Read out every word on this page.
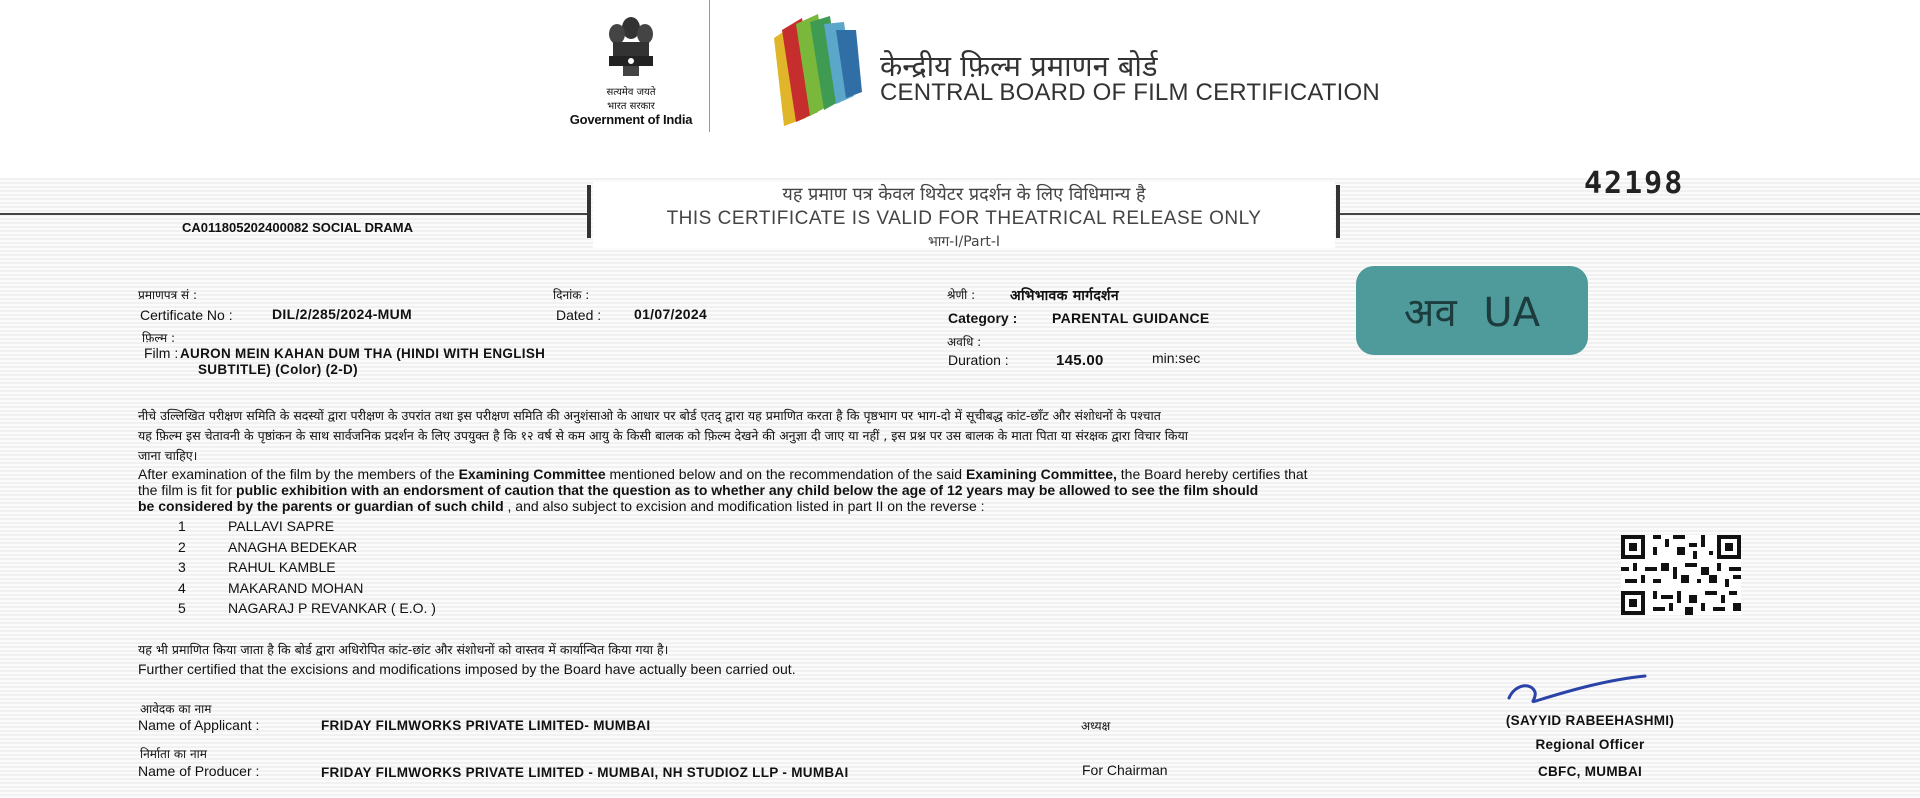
सत्यमेव जयते
भारत सरकार
Government of India
केन्द्रीय फ़िल्म प्रमाणन बोर्ड
CENTRAL BOARD OF FILM CERTIFICATION
42198
यह प्रमाण पत्र केवल थियेटर प्रदर्शन के लिए विधिमान्य है
THIS CERTIFICATE IS VALID FOR THEATRICAL RELEASE ONLY
भाग-I/Part-I
CA011805202400082 SOCIAL DRAMA
प्रमाणपत्र सं :
Certificate No :	DIL/2/285/2024-MUM
दिनांक :
Dated : 01/07/2024
फ़िल्म :
Film : AURON MEIN KAHAN DUM THA (HINDI WITH ENGLISH
SUBTITLE) (Color) (2-D)
श्रेणी : अभिभावक मार्गदर्शन
Category : PARENTAL GUIDANCE
अवधि :
Duration :	145.00	min:sec
अव UA
नीचे उल्लिखित परीक्षण समिति के सदस्यों द्वारा परीक्षण के उपरांत तथा इस परीक्षण समिति की अनुशंसाओ के आधार पर बोर्ड एतद् द्वारा यह प्रमाणित करता है कि पृष्ठभाग पर भाग-दो में सूचीबद्ध कांट-छाँट और संशोधनों के पश्चात
यह फ़िल्म इस चेतावनी के पृष्ठांकन के साथ सार्वजनिक प्रदर्शन के लिए उपयुक्त है कि १२ वर्ष से कम आयु के किसी बालक को फ़िल्म देखने की अनुज्ञा दी जाए या नहीं , इस प्रश्न पर उस बालक के माता पिता या संरक्षक द्वारा विचार किया
जाना चाहिए।
After examination of the film by the members of the Examining Committee mentioned below and on the recommendation of the said Examining Committee, the Board hereby certifies that
the film is fit for public exhibition with an endorsment of caution that the question as to whether any child below the age of 12 years may be allowed to see the film should
be considered by the parents or guardian of such child , and also subject to excision and modification listed in part II on the reverse :
1	PALLAVI SAPRE
2	ANAGHA BEDEKAR
3	RAHUL KAMBLE
4	MAKARAND MOHAN
5	NAGARAJ P REVANKAR ( E.O. )
यह भी प्रमाणित किया जाता है कि बोर्ड द्वारा अधिरोपित कांट-छांट और संशोधनों को वास्तव में कार्यान्वित किया गया है।
Further certified that the excisions and modifications imposed by the Board have actually been carried out.
आवेदक का नाम
Name of Applicant :	FRIDAY FILMWORKS PRIVATE LIMITED- MUMBAI
निर्माता का नाम
Name of Producer :	FRIDAY FILMWORKS PRIVATE LIMITED - MUMBAI, NH STUDIOZ LLP - MUMBAI
अध्यक्ष
For Chairman
(SAYYID RABEEHASHMI)
Regional Officer
CBFC, MUMBAI
